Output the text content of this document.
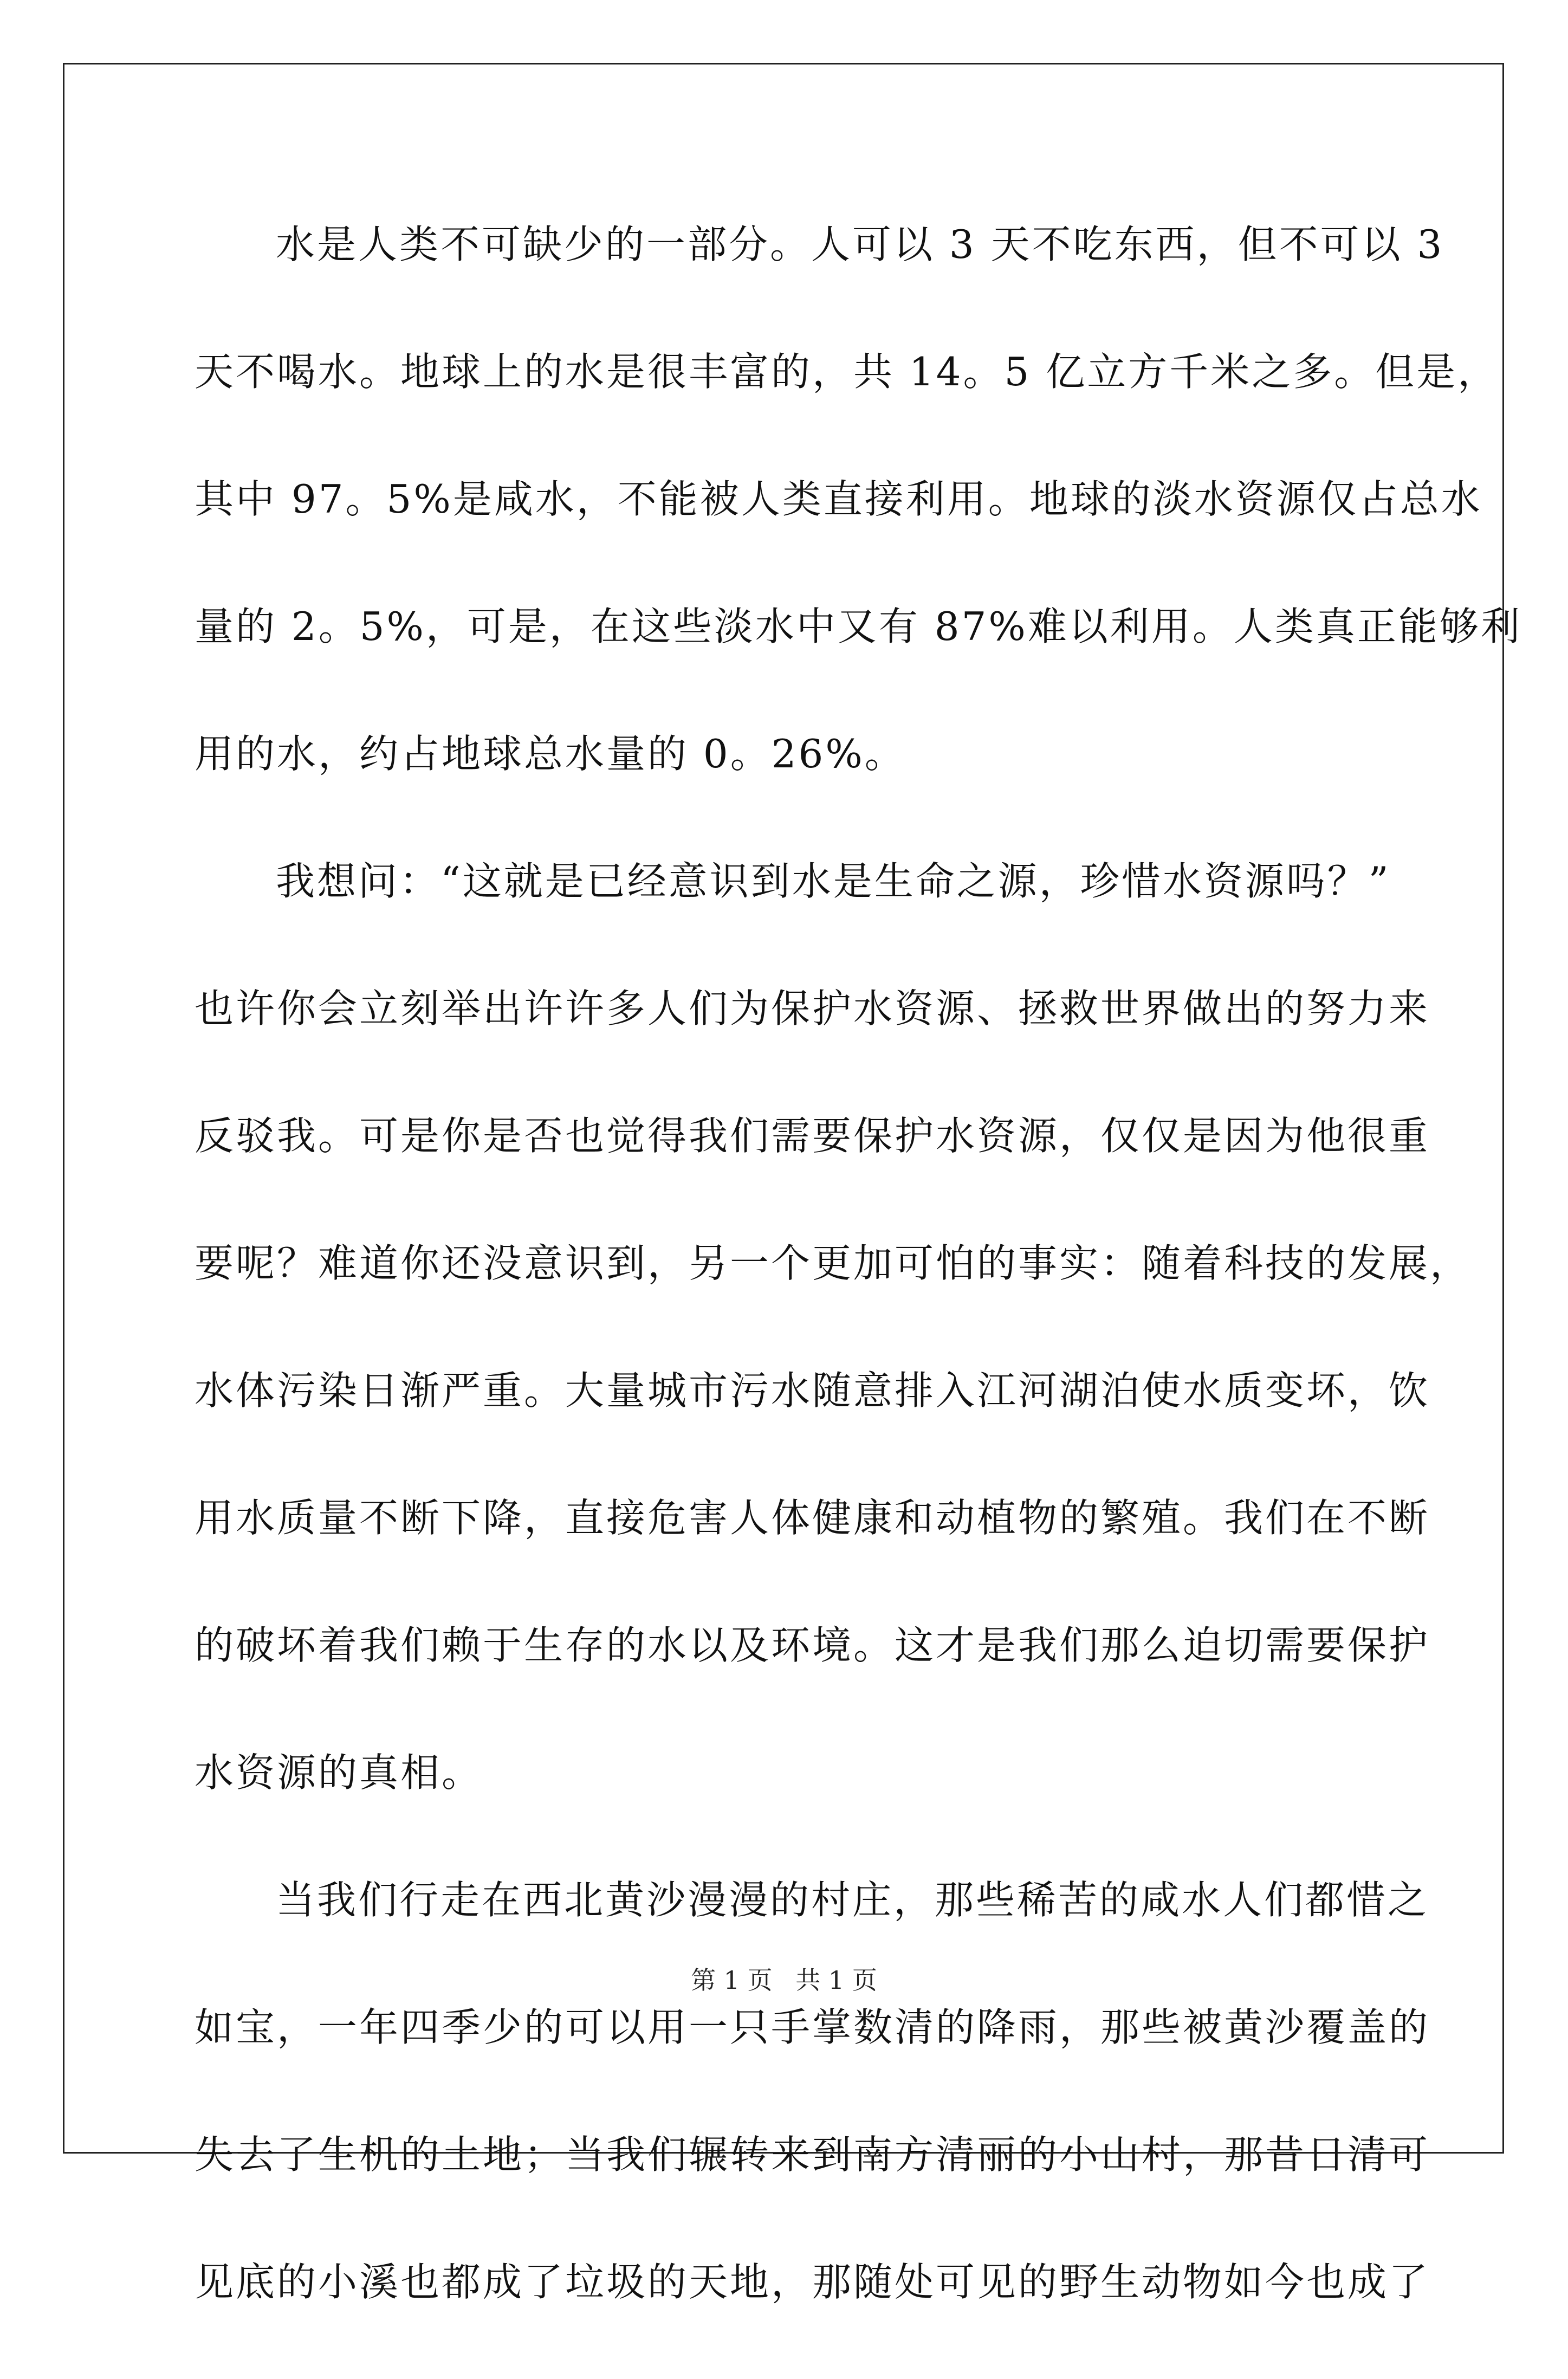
水是人类不可缺少的一部分。人可以 3 天不吃东西，但不可以 3
天不喝水。地球上的水是很丰富的，共 14。5 亿立方千米之多。但是，
其中 97。5%是咸水，不能被人类直接利用。地球的淡水资源仅占总水
量的 2。5%，可是，在这些淡水中又有 87%难以利用。人类真正能够利
用的水，约占地球总水量的 0。26%。
我想问：“这就是已经意识到水是生命之源，珍惜水资源吗？”
也许你会立刻举出许许多人们为保护水资源、拯救世界做出的努力来
反驳我。可是你是否也觉得我们需要保护水资源，仅仅是因为他很重
要呢？难道你还没意识到，另一个更加可怕的事实：随着科技的发展，
水体污染日渐严重。大量城市污水随意排入江河湖泊使水质变坏，饮
用水质量不断下降，直接危害人体健康和动植物的繁殖。我们在不断
的破坏着我们赖于生存的水以及环境。这才是我们那么迫切需要保护
水资源的真相。
当我们行走在西北黄沙漫漫的村庄，那些稀苦的咸水人们都惜之
如宝，一年四季少的可以用一只手掌数清的降雨，那些被黄沙覆盖的
失去了生机的土地；当我们辗转来到南方清丽的小山村，那昔日清可
见底的小溪也都成了垃圾的天地，那随处可见的野生动物如今也成了
第 1 页 共 1 页
